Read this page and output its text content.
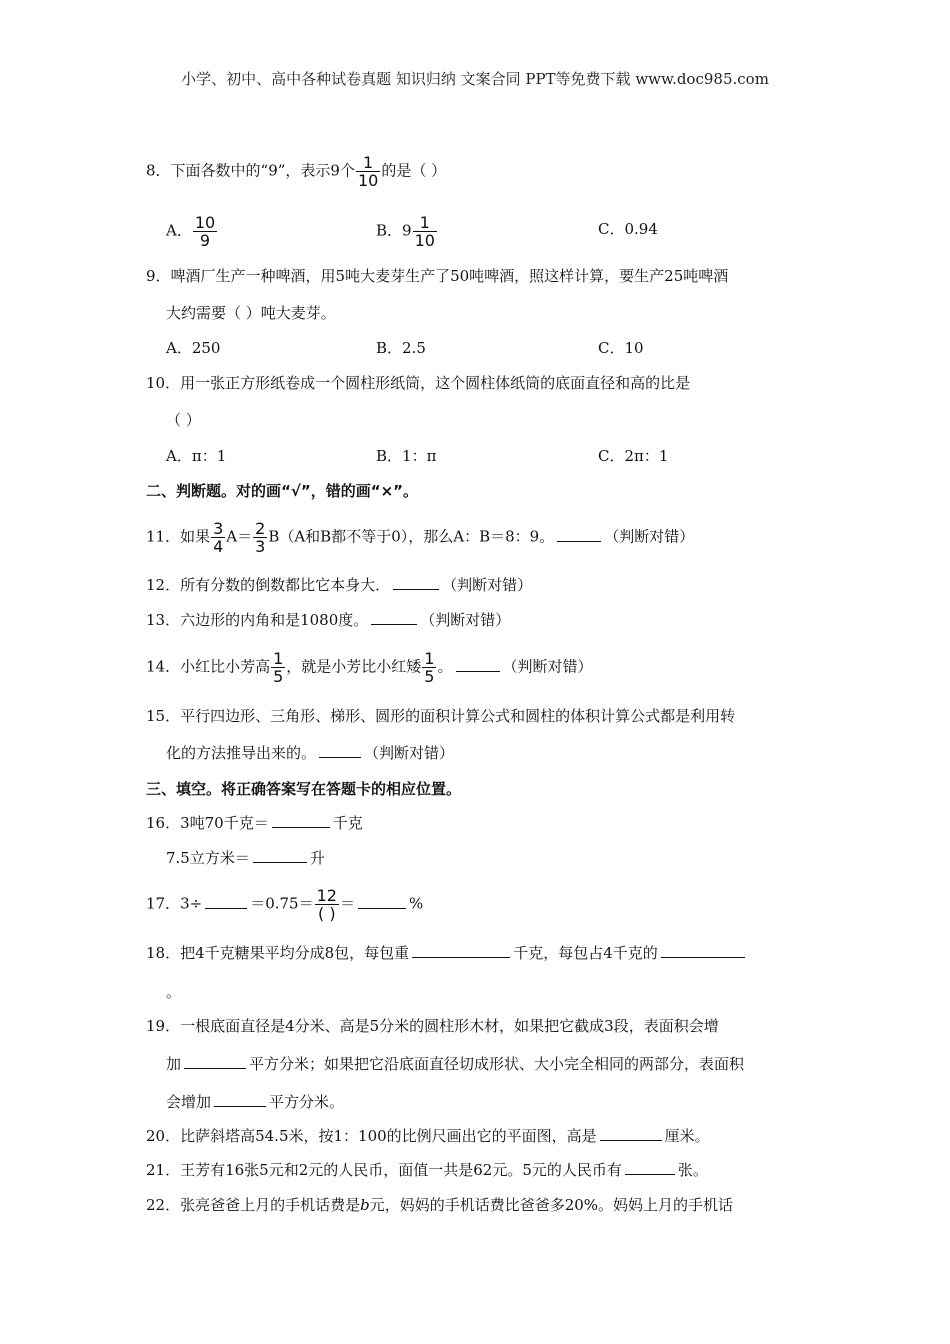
小学、初中、高中各种试卷真题 知识归纳 文案合同 PPT等免费下载 www.doc985.com
8．下面各数中的“9”，表示9个 $\frac{1}{10}$ 的是（ ）
A． $\frac{10}{9}$	B．$9 \frac{1}{10}$	C．0.94
9．啤酒厂生产一种啤酒，用5吨大麦芽生产了50吨啤酒，照这样计算，要生产25吨啤酒
大约需要（ ）吨大麦芽。
A．250	B．2.5	C．10
10．用一张正方形纸卷成一个圆柱形纸筒，这个圆柱体纸筒的底面直径和高的比是
（ ）
A．π：1	B．1：π	C．2π：1
二、判断题。对的画“√”，错的画“×”。
11．如果 $\frac{3}{4} A= \frac{2}{3} B(A$和B都不等于0），那么A：B＝8：9。	（判断对错）
12．所有分数的倒数都比它本身大．	（判断对错）
13．六边形的内角和是1080度。	（判断对错）
14．小红比小芳高 $\frac{1}{5}$ ，就是小芳比小红矮 $\frac{1}{5}$ 。	（判断对错）
15．平行四边形、三角形、梯形、圆形的面积计算公式和圆柱的体积计算公式都是利用转
化的方法推导出来的。	（判断对错）
三、填空。将正确答案写在答题卡的相应位置。
16．3吨70千克＝	千克
7.5立方米＝	升
17．3÷	$=0.75= \frac{12}{( )}$ ＝	%
18．把4千克糖果平均分成8包，每包重	千克，每包占4千克的
。
19．一根底面直径是4分米、高是5分米的圆柱形木材，如果把它截成3段，表面积会增
加	平方分米；如果把它沿底面直径切成形状、大小完全相同的两部分，表面积
会增加	平方分米。
20．比萨斜塔高54.5米，按1：100的比例尺画出它的平面图，高是	厘米。
21．王芳有16张5元和2元的人民币，面值一共是62元。5元的人民币有	张。
22．张亮爸爸上月的手机话费是b元，妈妈的手机话费比爸爸多20%。妈妈上月的手机话
